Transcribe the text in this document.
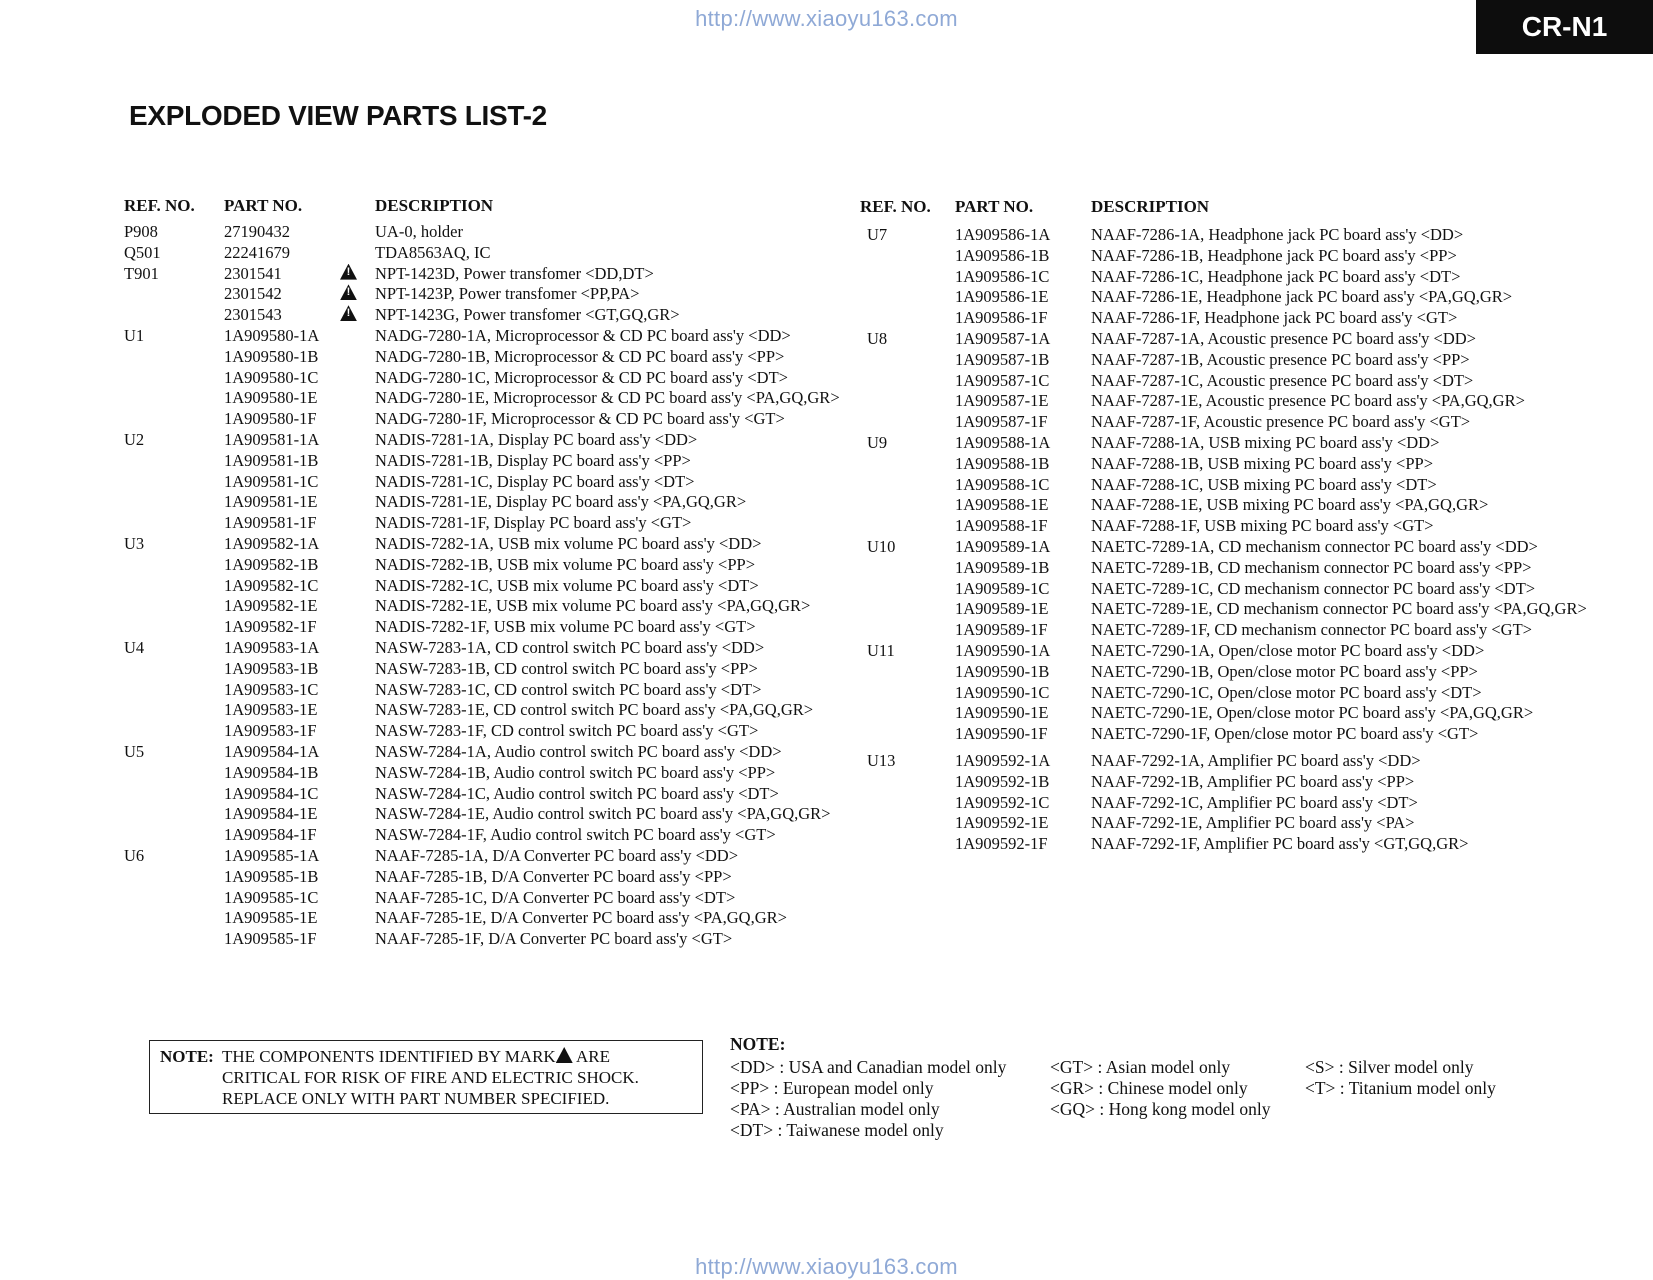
http://www.xiaoyu163.com	CR-N1
EXPLODED VIEW PARTS LIST-2
REF. NO. PART NO.	DESCRIPTION
P908	27190432	UA-0, holder
Q501	22241679	TDA8563AQ, IC
T901	2301541	NPT-1423D, Power transfomer <DD,DT>
!
2301542	NPT-1423P, Power transfomer <PP,PA>
!
2301543	NPT-1423G, Power transfomer <GT,GQ,GR>
!
U1	1A909580-1A	NADG-7280-1A, Microprocessor & CD PC board ass'y <DD>
1A909580-1B	NADG-7280-1B, Microprocessor & CD PC board ass'y <PP>
1A909580-1C	NADG-7280-1C, Microprocessor & CD PC board ass'y <DT>
1A909580-1E	NADG-7280-1E, Microprocessor & CD PC board ass'y <PA,GQ,GR>
1A909580-1F	NADG-7280-1F, Microprocessor & CD PC board ass'y <GT>
U2	1A909581-1A	NADIS-7281-1A, Display PC board ass'y <DD>
1A909581-1B	NADIS-7281-1B, Display PC board ass'y <PP>
1A909581-1C	NADIS-7281-1C, Display PC board ass'y <DT>
1A909581-1E	NADIS-7281-1E, Display PC board ass'y <PA,GQ,GR>
1A909581-1F	NADIS-7281-1F, Display PC board ass'y <GT>
U3	1A909582-1A	NADIS-7282-1A, USB mix volume PC board ass'y <DD>
1A909582-1B	NADIS-7282-1B, USB mix volume PC board ass'y <PP>
1A909582-1C	NADIS-7282-1C, USB mix volume PC board ass'y <DT>
1A909582-1E	NADIS-7282-1E, USB mix volume PC board ass'y <PA,GQ,GR>
1A909582-1F	NADIS-7282-1F, USB mix volume PC board ass'y <GT>
U4	1A909583-1A	NASW-7283-1A, CD control switch PC board ass'y <DD>
1A909583-1B	NASW-7283-1B, CD control switch PC board ass'y <PP>
1A909583-1C	NASW-7283-1C, CD control switch PC board ass'y <DT>
1A909583-1E	NASW-7283-1E, CD control switch PC board ass'y <PA,GQ,GR>
1A909583-1F	NASW-7283-1F, CD control switch PC board ass'y <GT>
U5	1A909584-1A	NASW-7284-1A, Audio control switch PC board ass'y <DD>
1A909584-1B	NASW-7284-1B, Audio control switch PC board ass'y <PP>
1A909584-1C	NASW-7284-1C, Audio control switch PC board ass'y <DT>
1A909584-1E	NASW-7284-1E, Audio control switch PC board ass'y <PA,GQ,GR>
1A909584-1F	NASW-7284-1F, Audio control switch PC board ass'y <GT>
U6	1A909585-1A	NAAF-7285-1A, D/A Converter PC board ass'y <DD>
1A909585-1B	NAAF-7285-1B, D/A Converter PC board ass'y <PP>
1A909585-1C	NAAF-7285-1C, D/A Converter PC board ass'y <DT>
1A909585-1E	NAAF-7285-1E, D/A Converter PC board ass'y <PA,GQ,GR>
1A909585-1F	NAAF-7285-1F, D/A Converter PC board ass'y <GT>
REF. NO. PART NO.	DESCRIPTION
U7	1A909586-1A NAAF-7286-1A, Headphone jack PC board ass'y <DD>
1A909586-1B	NAAF-7286-1B, Headphone jack PC board ass'y <PP>
1A909586-1C	NAAF-7286-1C, Headphone jack PC board ass'y <DT>
1A909586-1E	NAAF-7286-1E, Headphone jack PC board ass'y <PA,GQ,GR>
1A909586-1F	NAAF-7286-1F, Headphone jack PC board ass'y <GT>
U8	1A909587-1A NAAF-7287-1A, Acoustic presence PC board ass'y <DD>
1A909587-1B	NAAF-7287-1B, Acoustic presence PC board ass'y <PP>
1A909587-1C	NAAF-7287-1C, Acoustic presence PC board ass'y <DT>
1A909587-1E	NAAF-7287-1E, Acoustic presence PC board ass'y <PA,GQ,GR>
1A909587-1F	NAAF-7287-1F, Acoustic presence PC board ass'y <GT>
U9	1A909588-1A NAAF-7288-1A, USB mixing PC board ass'y <DD>
1A909588-1B	NAAF-7288-1B, USB mixing PC board ass'y <PP>
1A909588-1C	NAAF-7288-1C, USB mixing PC board ass'y <DT>
1A909588-1E	NAAF-7288-1E, USB mixing PC board ass'y <PA,GQ,GR>
1A909588-1F	NAAF-7288-1F, USB mixing PC board ass'y <GT>
U10	1A909589-1A NAETC-7289-1A, CD mechanism connector PC board ass'y <DD>
1A909589-1B	NAETC-7289-1B, CD mechanism connector PC board ass'y <PP>
1A909589-1C	NAETC-7289-1C, CD mechanism connector PC board ass'y <DT>
1A909589-1E	NAETC-7289-1E, CD mechanism connector PC board ass'y <PA,GQ,GR>
1A909589-1F	NAETC-7289-1F, CD mechanism connector PC board ass'y <GT>
U11	1A909590-1A NAETC-7290-1A, Open/close motor PC board ass'y <DD>
1A909590-1B	NAETC-7290-1B, Open/close motor PC board ass'y <PP>
1A909590-1C	NAETC-7290-1C, Open/close motor PC board ass'y <DT>
1A909590-1E	NAETC-7290-1E, Open/close motor PC board ass'y <PA,GQ,GR>
1A909590-1F	NAETC-7290-1F, Open/close motor PC board ass'y <GT>
U13	1A909592-1A NAAF-7292-1A, Amplifier PC board ass'y <DD>
1A909592-1B	NAAF-7292-1B, Amplifier PC board ass'y <PP>
1A909592-1C	NAAF-7292-1C, Amplifier PC board ass'y <DT>
1A909592-1E	NAAF-7292-1E, Amplifier PC board ass'y <PA>
1A909592-1F	NAAF-7292-1F, Amplifier PC board ass'y <GT,GQ,GR>
NOTE: THE COMPONENTS IDENTIFIED BY MARK ARE
CRITICAL FOR RISK OF FIRE AND ELECTRIC SHOCK.
REPLACE ONLY WITH PART NUMBER SPECIFIED.
NOTE:
<DD> : USA and Canadian model only
<PP> : European model only
<PA> : Australian model only
<DT> : Taiwanese model only
<GT> : Asian model only
<GR> : Chinese model only
<GQ> : Hong kong model only
<S> : Silver model only
<T> : Titanium model only
http://www.xiaoyu163.com
